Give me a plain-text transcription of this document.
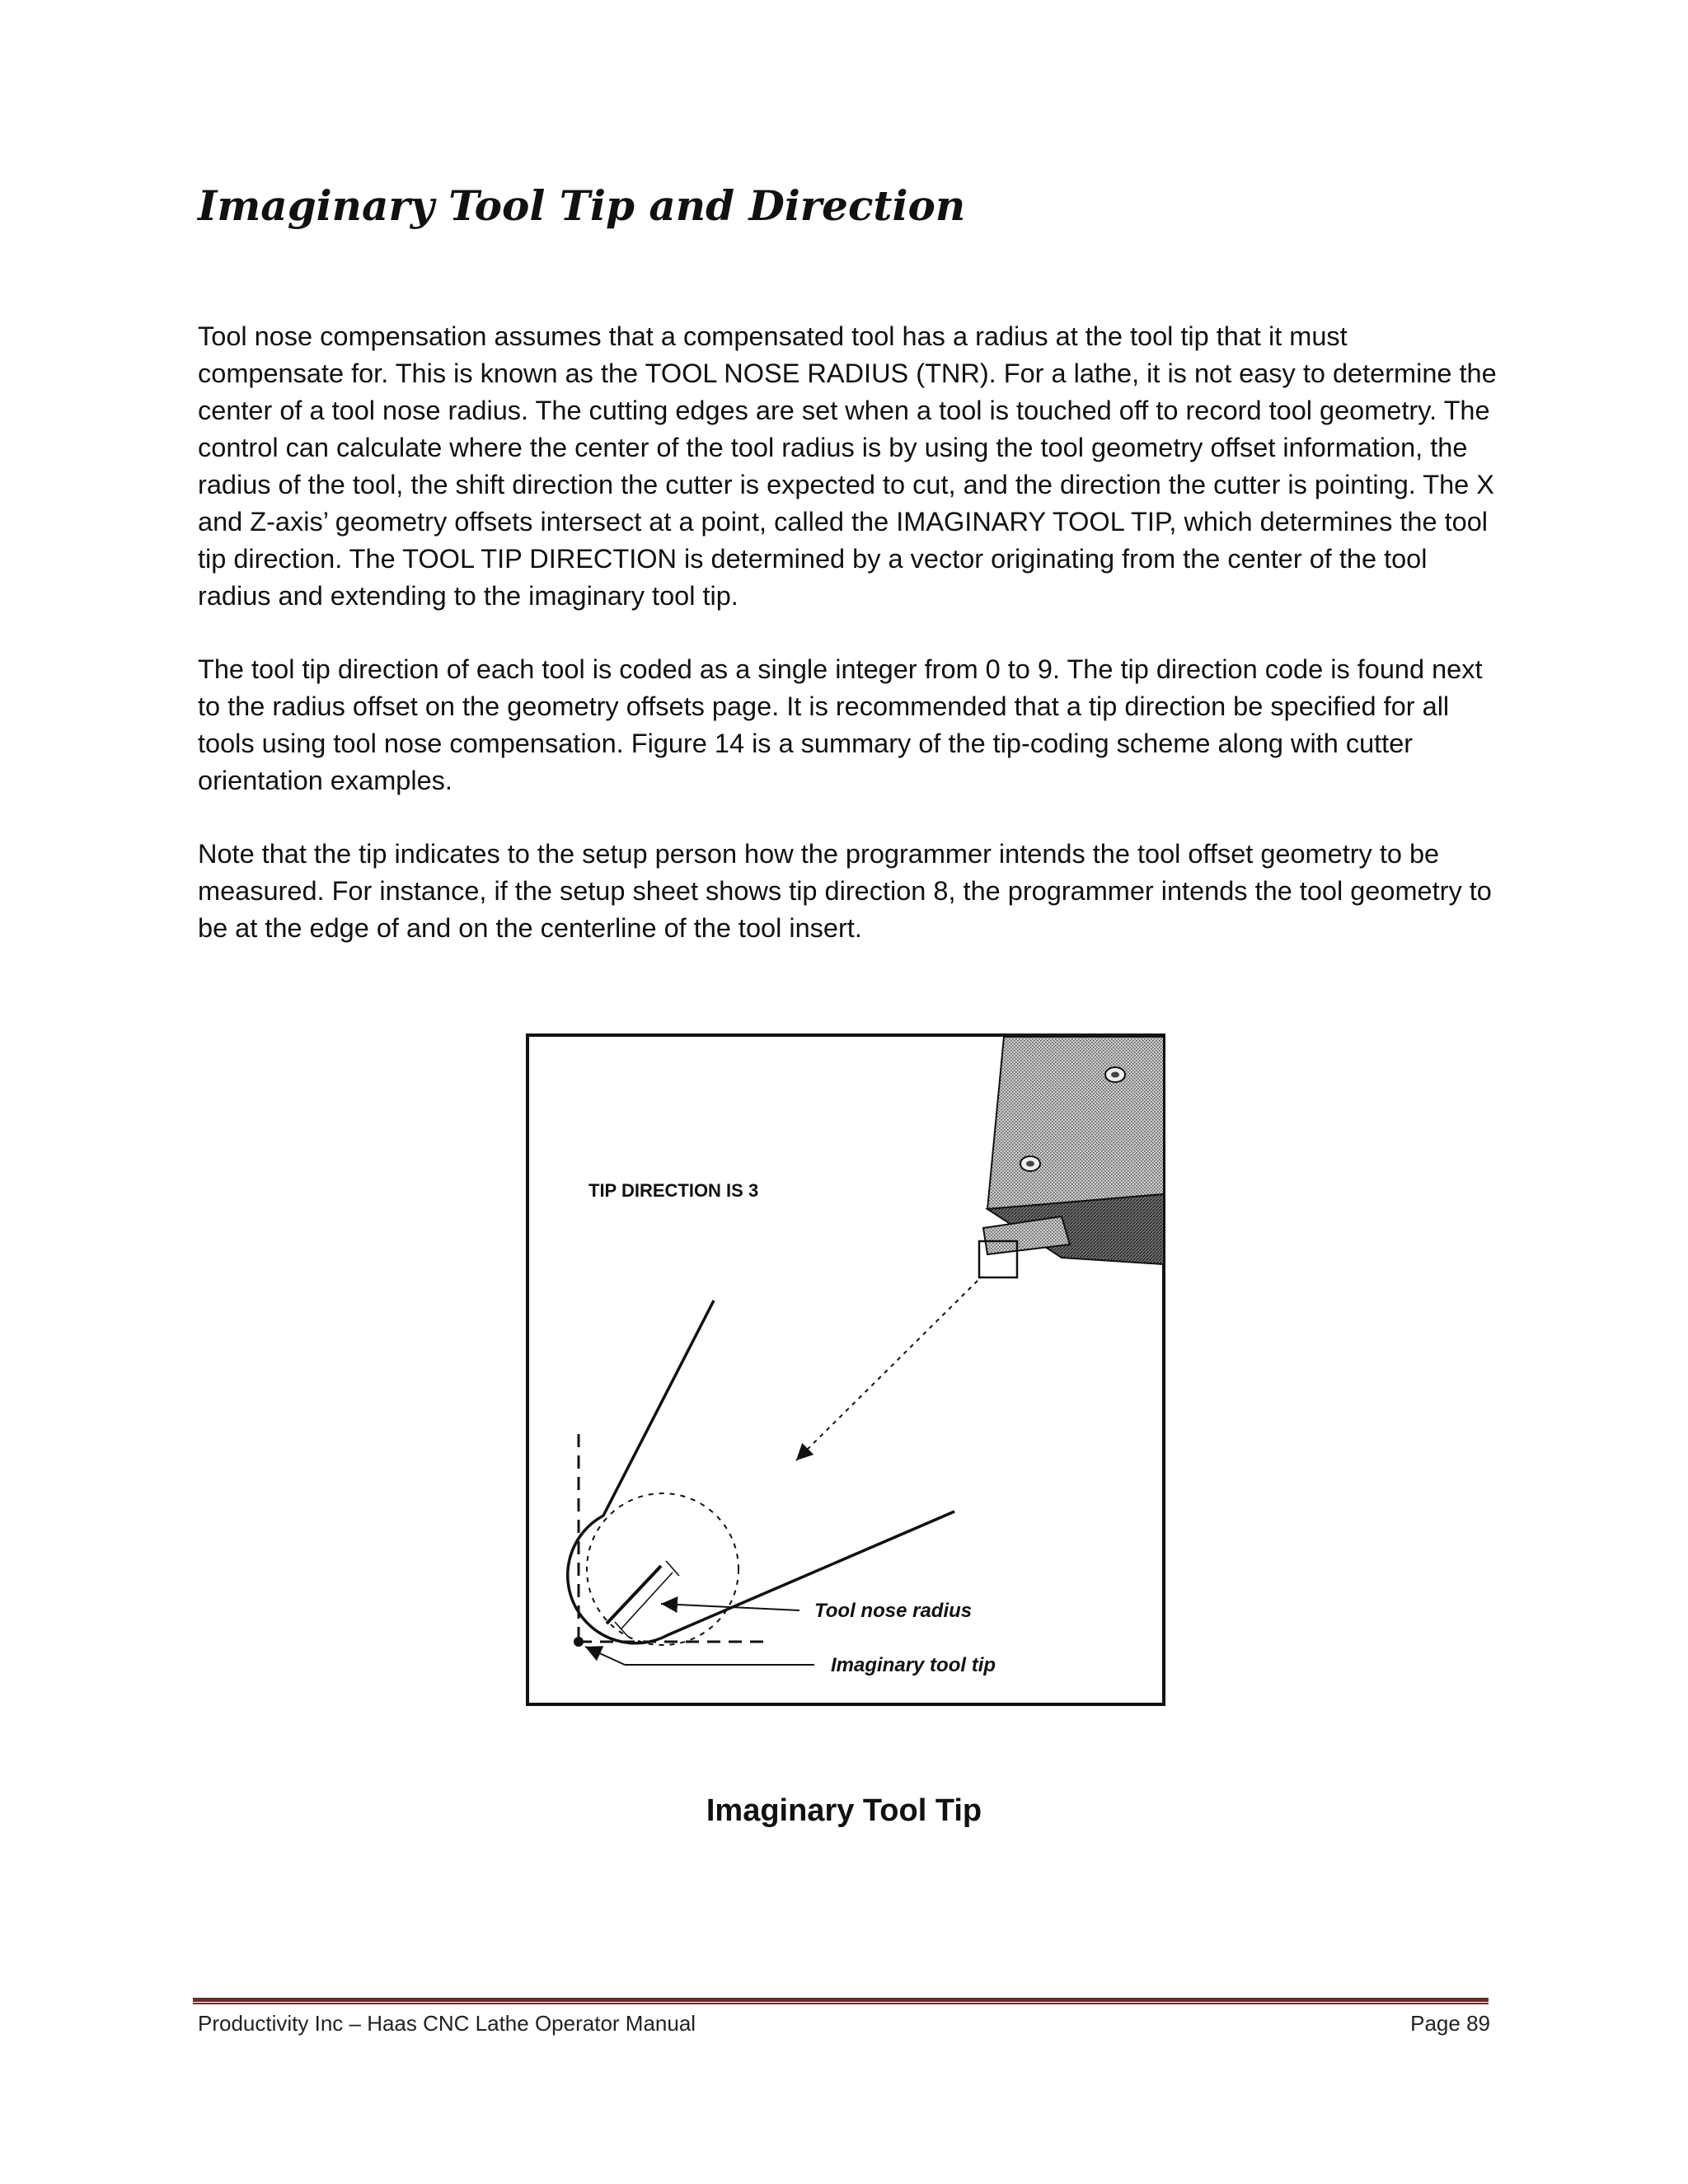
Imaginary Tool Tip and Direction

Tool nose compensation assumes that a compensated tool has a radius at the tool tip that it must compensate for. This is known as the TOOL NOSE RADIUS (TNR). For a lathe, it is not easy to determine the center of a tool nose radius. The cutting edges are set when a tool is touched off to record tool geometry. The control can calculate where the center of the tool radius is by using the tool geometry offset information, the radius of the tool, the shift direction the cutter is expected to cut, and the direction the cutter is pointing. The X and Z-axis’ geometry offsets intersect at a point, called the IMAGINARY TOOL TIP, which determines the tool tip direction. The TOOL TIP DIRECTION is determined by a vector originating from the center of the tool radius and extending to the imaginary tool tip.

The tool tip direction of each tool is coded as a single integer from 0 to 9. The tip direction code is found next to the radius offset on the geometry offsets page. It is recommended that a tip direction be specified for all tools using tool nose compensation. Figure 14 is a summary of the tip-coding scheme along with cutter orientation examples.

Note that the tip indicates to the setup person how the programmer intends the tool offset geometry to be measured. For instance, if the setup sheet shows tip direction 8, the programmer intends the tool geometry to be at the edge of and on the centerline of the tool insert.

TIP DIRECTION IS 3
Tool nose radius
Imaginary tool tip

Imaginary Tool Tip

Productivity Inc – Haas CNC Lathe Operator Manual	Page 89
